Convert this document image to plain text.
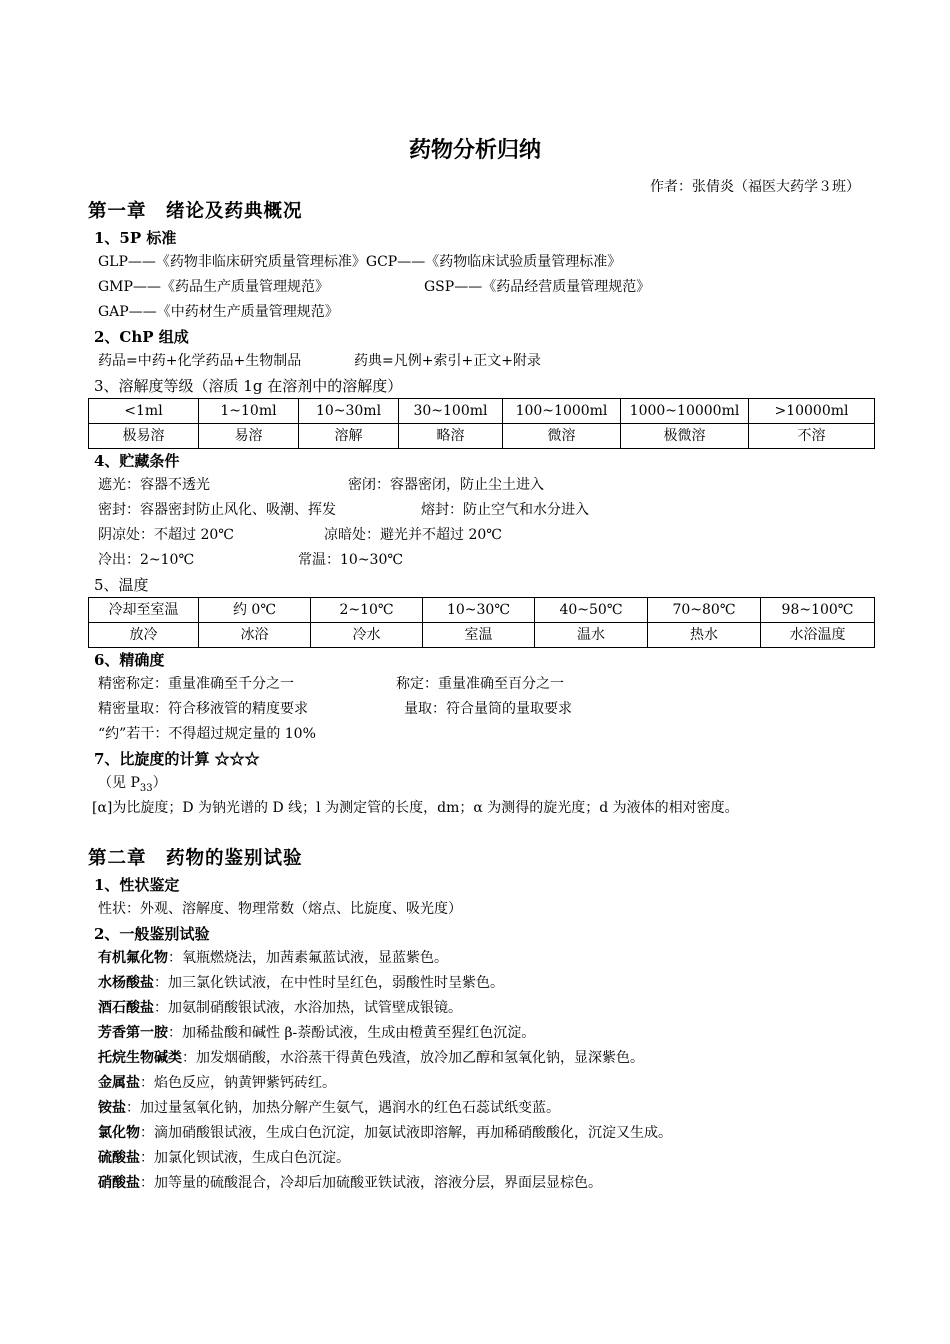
药物分析归纳
作者：张倩炎（福医大药学３班）
第一章　绪论及药典概况
1、5P 标准
GLP——《药物非临床研究质量管理标准》GCP——《药物临床试验质量管理标准》
GMP——《药品生产质量管理规范》	GSP——《药品经营质量管理规范》
GAP——《中药材生产质量管理规范》
2、ChP 组成
药品=中药+化学药品+生物制品	药典=凡例+索引+正文+附录
3、溶解度等级（溶质 1g 在溶剂中的溶解度）
<1ml	1~10ml	10~30ml	30~100ml	100~1000ml	1000~10000ml	>10000ml
极易溶	易溶	溶解	略溶	微溶	极微溶	不溶
4、贮藏条件
遮光：容器不透光	密闭：容器密闭，防止尘土进入
密封：容器密封防止风化、吸潮、挥发	熔封：防止空气和水分进入
阴凉处：不超过 20℃	凉暗处：避光并不超过 20℃
冷出：2~10℃	常温：10~30℃
5、温度
冷却至室温	约 0℃	2~10℃	10~30℃	40~50℃	70~80℃	98~100℃
放冷	冰浴	冷水	室温	温水	热水	水浴温度
6、精确度
精密称定：重量准确至千分之一	称定：重量准确至百分之一
精密量取：符合移液管的精度要求	量取：符合量筒的量取要求
“约”若干：不得超过规定量的 10%
7、比旋度的计算 ☆☆☆
（见 $P_{33}$）
[α]为比旋度；D 为钠光谱的 D 线；l 为测定管的长度，dm；α 为测得的旋光度；d 为液体的相对密度。
第二章　药物的鉴别试验
1、性状鉴定
性状：外观、溶解度、物理常数（熔点、比旋度、吸光度）
2、一般鉴别试验
有机氟化物：氧瓶燃烧法，加茜素氟蓝试液，显蓝紫色。
水杨酸盐：加三氯化铁试液，在中性时呈红色，弱酸性时呈紫色。
酒石酸盐：加氨制硝酸银试液，水浴加热，试管壁成银镜。
芳香第一胺：加稀盐酸和碱性 β-萘酚试液，生成由橙黄至猩红色沉淀。
托烷生物碱类：加发烟硝酸，水浴蒸干得黄色残渣，放冷加乙醇和氢氧化钠，显深紫色。
金属盐：焰色反应，钠黄钾紫钙砖红。
铵盐：加过量氢氧化钠，加热分解产生氨气，遇润水的红色石蕊试纸变蓝。
氯化物：滴加硝酸银试液，生成白色沉淀，加氨试液即溶解，再加稀硝酸酸化，沉淀又生成。
硫酸盐：加氯化钡试液，生成白色沉淀。
硝酸盐：加等量的硫酸混合，冷却后加硫酸亚铁试液，溶液分层，界面层显棕色。
